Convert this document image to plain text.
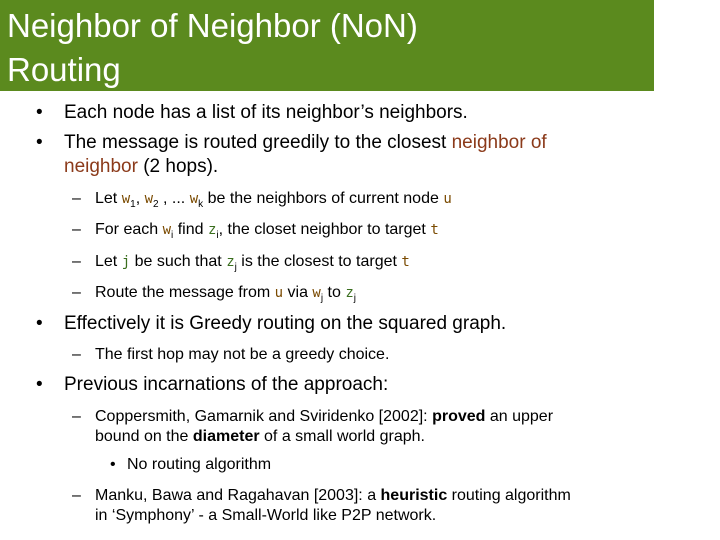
Neighbor of Neighbor (NoN)
Routing
• Each node has a list of its neighbor’s neighbors.
• The message is routed greedily to the closest neighbor of
neighbor (2 hops).
– Let $w_1$, $w_2$ , ... $w_k$ be the neighbors of current node u
– For each $w_i$ find $z_i$, the closet neighbor to target t
– Let j be such that $z_j$ is the closest to target t
– Route the message from u via $w_j$ to $z_j$
• Effectively it is Greedy routing on the squared graph.
– The first hop may not be a greedy choice.
• Previous incarnations of the approach:
– Coppersmith, Gamarnik and Sviridenko [2002]: proved an upper
bound on the diameter of a small world graph.
• No routing algorithm
– Manku, Bawa and Ragahavan [2003]: a heuristic routing algorithm
in ‘Symphony’ - a Small-World like P2P network.
